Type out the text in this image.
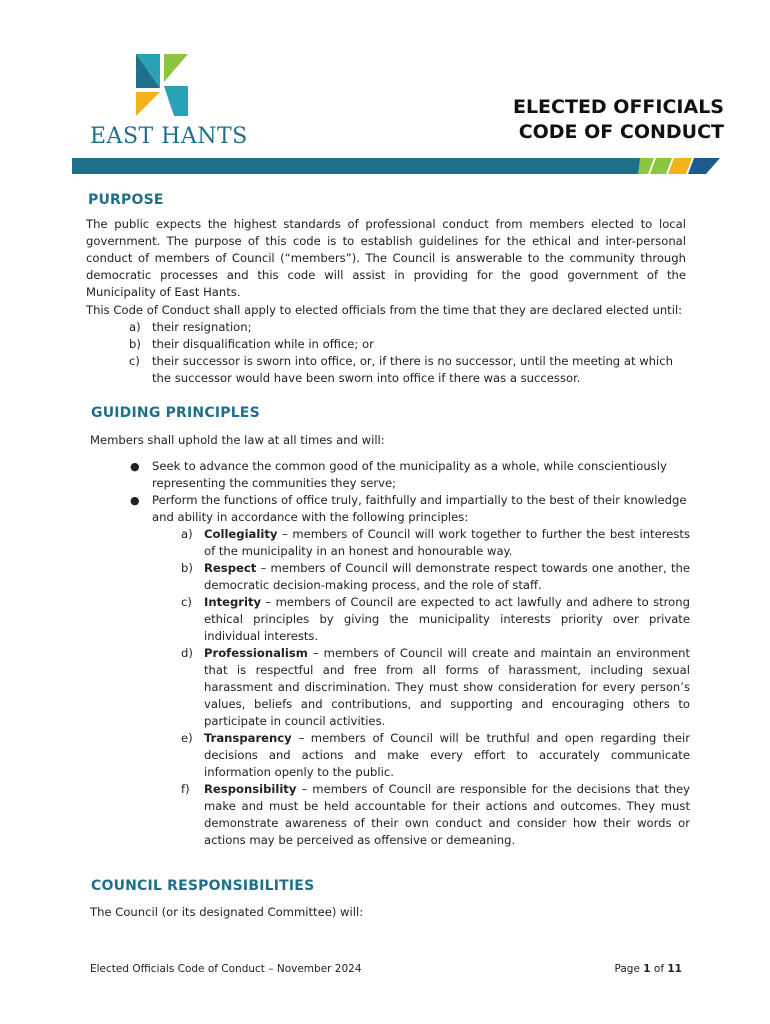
EAST HANTS
ELECTED OFFICIALS
CODE OF CONDUCT
PURPOSE
The public expects the highest standards of professional conduct from members elected to local government. The purpose of this code is to establish guidelines for the ethical and inter-personal conduct of members of Council (“members”). The Council is answerable to the community through democratic processes and this code will assist in providing for the good government of the Municipality of East Hants.
This Code of Conduct shall apply to elected officials from the time that they are declared elected until:
a) their resignation;
b) their disqualification while in office; or
c) their successor is sworn into office, or, if there is no successor, until the meeting at which the successor would have been sworn into office if there was a successor.
GUIDING PRINCIPLES
Members shall uphold the law at all times and will:
● Seek to advance the common good of the municipality as a whole, while conscientiously representing the communities they serve;
● Perform the functions of office truly, faithfully and impartially to the best of their knowledge and ability in accordance with the following principles:
a) Collegiality – members of Council will work together to further the best interests of the municipality in an honest and honourable way.
b) Respect – members of Council will demonstrate respect towards one another, the democratic decision-making process, and the role of staff.
c) Integrity – members of Council are expected to act lawfully and adhere to strong ethical principles by giving the municipality interests priority over private individual interests.
d) Professionalism – members of Council will create and maintain an environment that is respectful and free from all forms of harassment, including sexual harassment and discrimination. They must show consideration for every person’s values, beliefs and contributions, and supporting and encouraging others to participate in council activities.
e) Transparency – members of Council will be truthful and open regarding their decisions and actions and make every effort to accurately communicate information openly to the public.
f) Responsibility – members of Council are responsible for the decisions that they make and must be held accountable for their actions and outcomes. They must demonstrate awareness of their own conduct and consider how their words or actions may be perceived as offensive or demeaning.
COUNCIL RESPONSIBILITIES
The Council (or its designated Committee) will:
Elected Officials Code of Conduct – November 2024	Page 1 of 11
